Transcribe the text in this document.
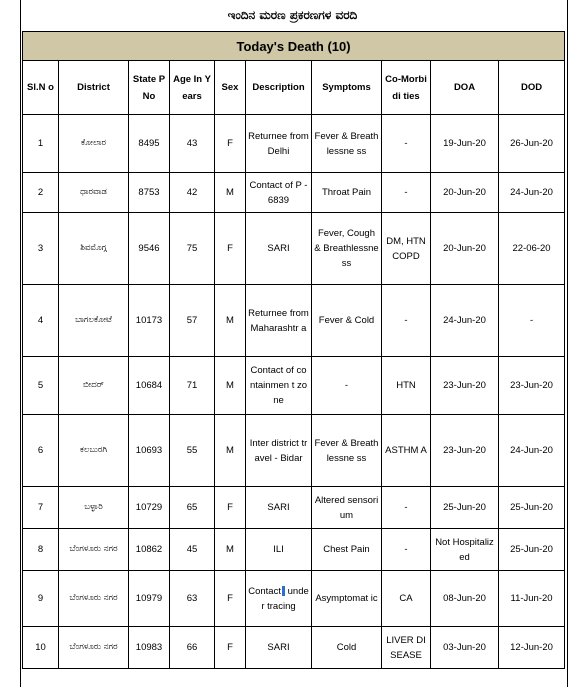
ಇಂದಿನ ಮರಣ ಪ್ರಕರಣಗಳ ವರದಿ
Today's Death (10)									
Sl.N o	District	State P No	Age In Years	Sex	Description	Symptoms	Co-Morbidi ties	DOA	DOD
1	ಕೋಲಾರ	8495	43	F	Returnee from Delhi	Fever & Breathlessne ss	-	19-Jun-20	26-Jun-20
2	ಧಾರವಾಡ	8753	42	M	Contact of P - 6839	Throat Pain	-	20-Jun-20	24-Jun-20
3	ಶಿವಮೊಗ್ಗ	9546	75	F	SARI	Fever, Cough & Breathlessne ss	DM, HTN COPD	20-Jun-20	22-06-20
4	ಬಾಗಲಕೋಟೆ	10173	57	M	Returnee from Maharashtr a	Fever & Cold	-	24-Jun-20	-
5	ಬೀದರ್	10684	71	M	Contact of containmen t zone	-	HTN	23-Jun-20	23-Jun-20
6	ಕಲಬುರಗಿ	10693	55	M	Inter district travel - Bidar	Fever & Breathlessne ss	ASTHM A	23-Jun-20	24-Jun-20
7	ಬಳ್ಳಾರಿ	10729	65	F	SARI	Altered sensorium	-	25-Jun-20	25-Jun-20
8	ಬೆಂಗಳೂರು ನಗರ	10862	45	M	ILI	Chest Pain	-	Not Hospitalized	25-Jun-20
9	ಬೆಂಗಳೂರು ನಗರ	10979	63	F	Contact under tracing	Asymptomat ic	CA	08-Jun-20	11-Jun-20
10	ಬೆಂಗಳೂರು ನಗರ	10983	66	F	SARI	Cold	LIVER DISEASE	03-Jun-20	12-Jun-20
